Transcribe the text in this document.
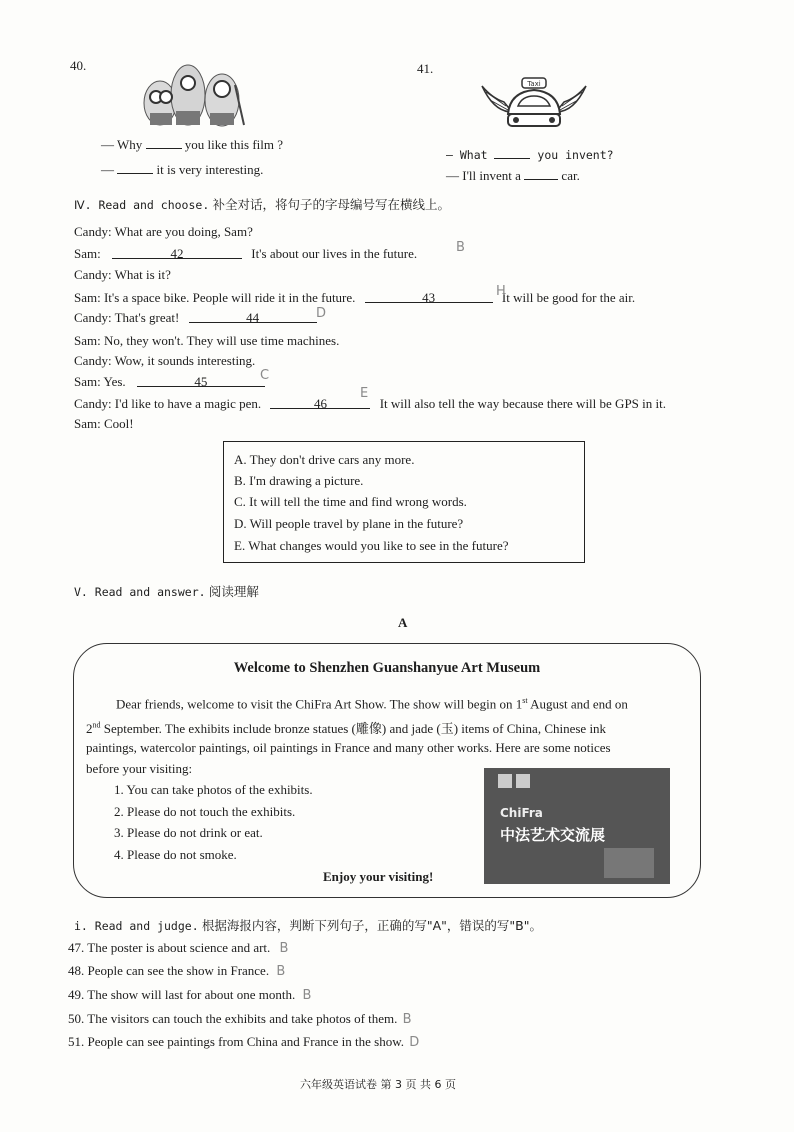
40.
— Why	you like this film ?
—	it is very interesting.
41.
Taxi
— What	you invent?
— I'll invent a	car.
Ⅳ. Read and choose. 补全对话，将句子的字母编号写在横线上。
Candy: What are you doing, Sam?
Sam:	42	It's about our lives in the future.	B
Candy: What is it?
Sam: It's a space bike. People will ride it in the future.	43	It will be good for the air.
H
Candy: That's great!	44	D
Sam: No, they won't. They will use time machines.
Candy: Wow, it sounds interesting.
Sam: Yes.	45	C
Candy: I'd like to have a magic pen.	46	It will also tell the way because there will be GPS in it.
E
Sam: Cool!
A. They don't drive cars any more.
B. I'm drawing a picture.
C. It will tell the time and find wrong words.
D. Will people travel by plane in the future?
E. What changes would you like to see in the future?
V. Read and answer. 阅读理解
A
Welcome to Shenzhen Guanshanyue Art Museum
Dear friends, welcome to visit the ChiFra Art Show. The show will begin on 1st August and end on
2nd September. The exhibits include bronze statues (雕像) and jade (玉) items of China, Chinese ink
paintings, watercolor paintings, oil paintings in France and many other works. Here are some notices
before your visiting:
1. You can take photos of the exhibits.
2. Please do not touch the exhibits.
3. Please do not drink or eat.
4. Please do not smoke.
Enjoy your visiting!
ChiFra
中法艺术交流展
i. Read and judge. 根据海报内容，判断下列句子，正确的写"A"，错误的写"B"。
47. The poster is about science and art. B
48. People can see the show in France. B
49. The show will last for about one month. B
50. The visitors can touch the exhibits and take photos of them. B
51. People can see paintings from China and France in the show. D
六年级英语试卷 第 3 页 共 6 页
